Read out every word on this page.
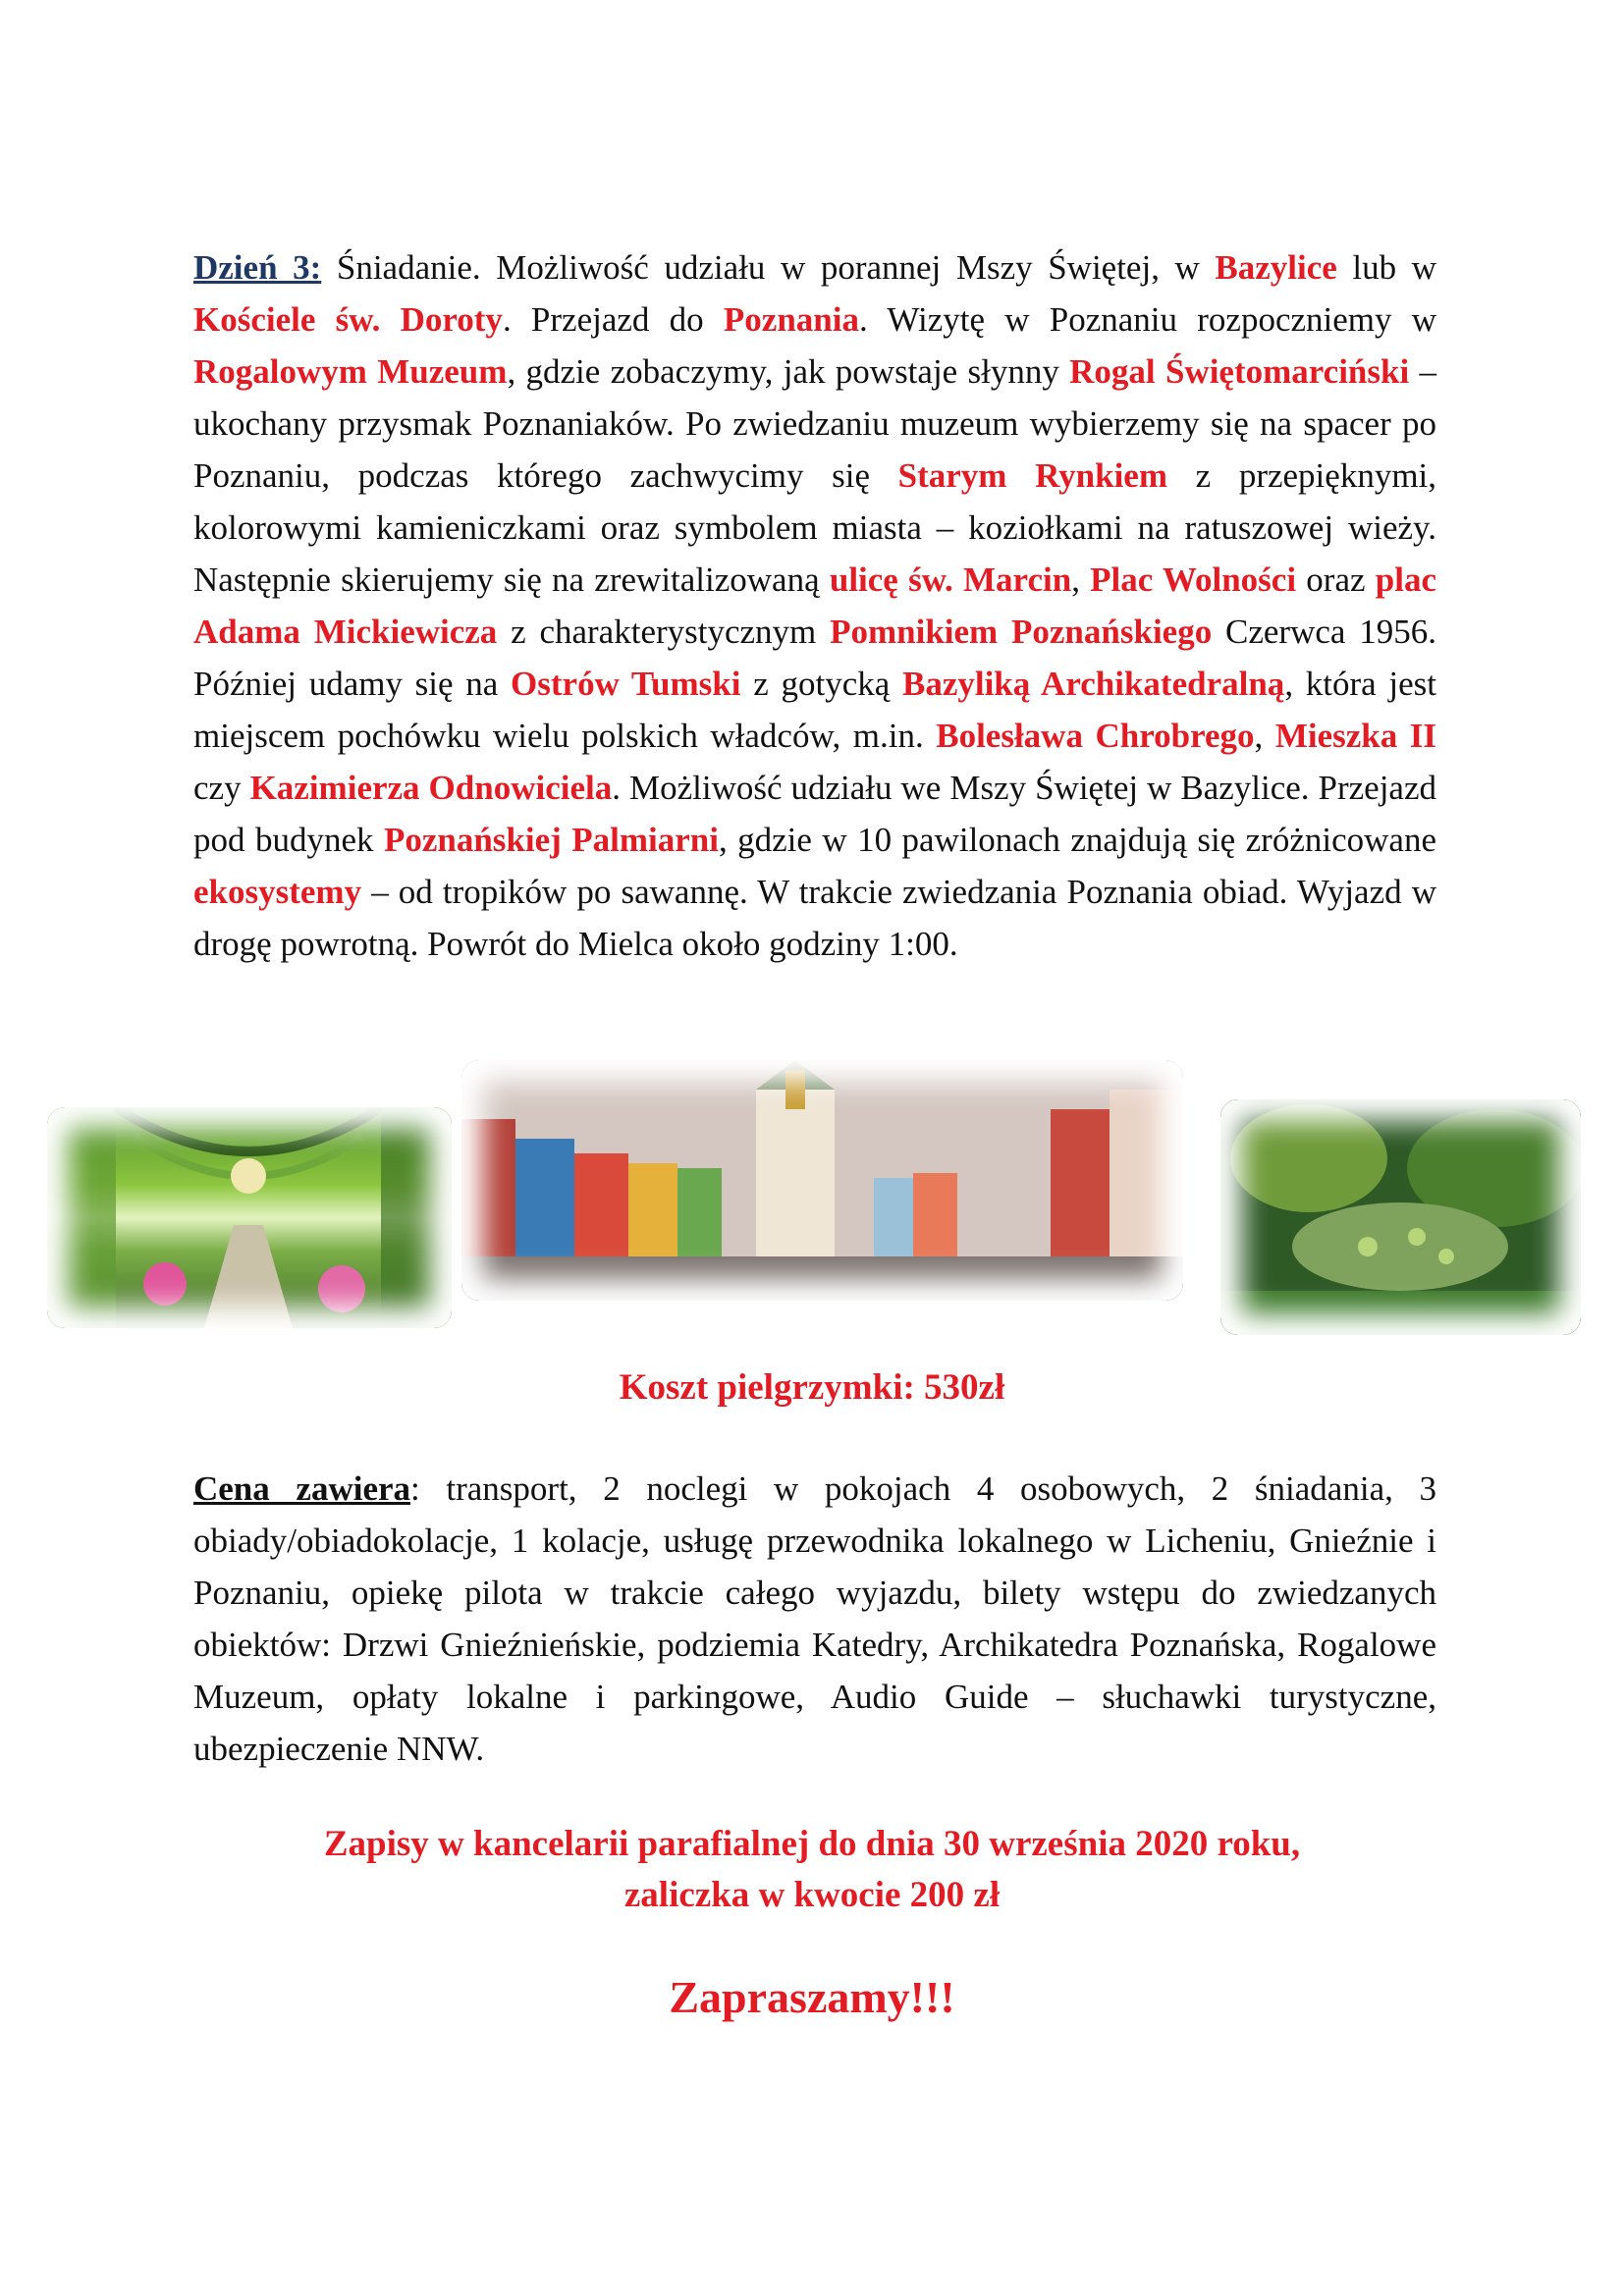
Dzień 3: Śniadanie. Możliwość udziału w porannej Mszy Świętej, w Bazylice lub w Kościele św. Doroty. Przejazd do Poznania. Wizytę w Poznaniu rozpoczniemy w Rogalowym Muzeum, gdzie zobaczymy, jak powstaje słynny Rogal Świętomarciński – ukochany przysmak Poznaniaków. Po zwiedzaniu muzeum wybierzemy się na spacer po Poznaniu, podczas którego zachwycimy się Starym Rynkiem z przepięknymi, kolorowymi kamieniczkami oraz symbolem miasta – koziołkami na ratuszowej wieży. Następnie skierujemy się na zrewitalizowaną ulicę św. Marcin, Plac Wolności oraz plac Adama Mickiewicza z charakterystycznym Pomnikiem Poznańskiego Czerwca 1956. Później udamy się na Ostrów Tumski z gotycką Bazyliką Archikatedralną, która jest miejscem pochówku wielu polskich władców, m.in. Bolesława Chrobrego, Mieszka II czy Kazimierza Odnowiciela. Możliwość udziału we Mszy Świętej w Bazylice. Przejazd pod budynek Poznańskiej Palmiarni, gdzie w 10 pawilonach znajdują się zróżnicowane ekosystemy – od tropików po sawannę. W trakcie zwiedzania Poznania obiad. Wyjazd w drogę powrotną. Powrót do Mielca około godziny 1:00.

Koszt pielgrzymki: 530zł

Cena zawiera: transport, 2 noclegi w pokojach 4 osobowych, 2 śniadania, 3 obiady/obiadokolacje, 1 kolacje, usługę przewodnika lokalnego w Licheniu, Gnieźnie i Poznaniu, opiekę pilota w trakcie całego wyjazdu, bilety wstępu do zwiedzanych obiektów: Drzwi Gnieźnieńskie, podziemia Katedry, Archikatedra Poznańska, Rogalowe Muzeum, opłaty lokalne i parkingowe, Audio Guide – słuchawki turystyczne, ubezpieczenie NNW.

Zapisy w kancelarii parafialnej do dnia 30 września 2020 roku,
zaliczka w kwocie 200 zł
Zapraszamy!!!
